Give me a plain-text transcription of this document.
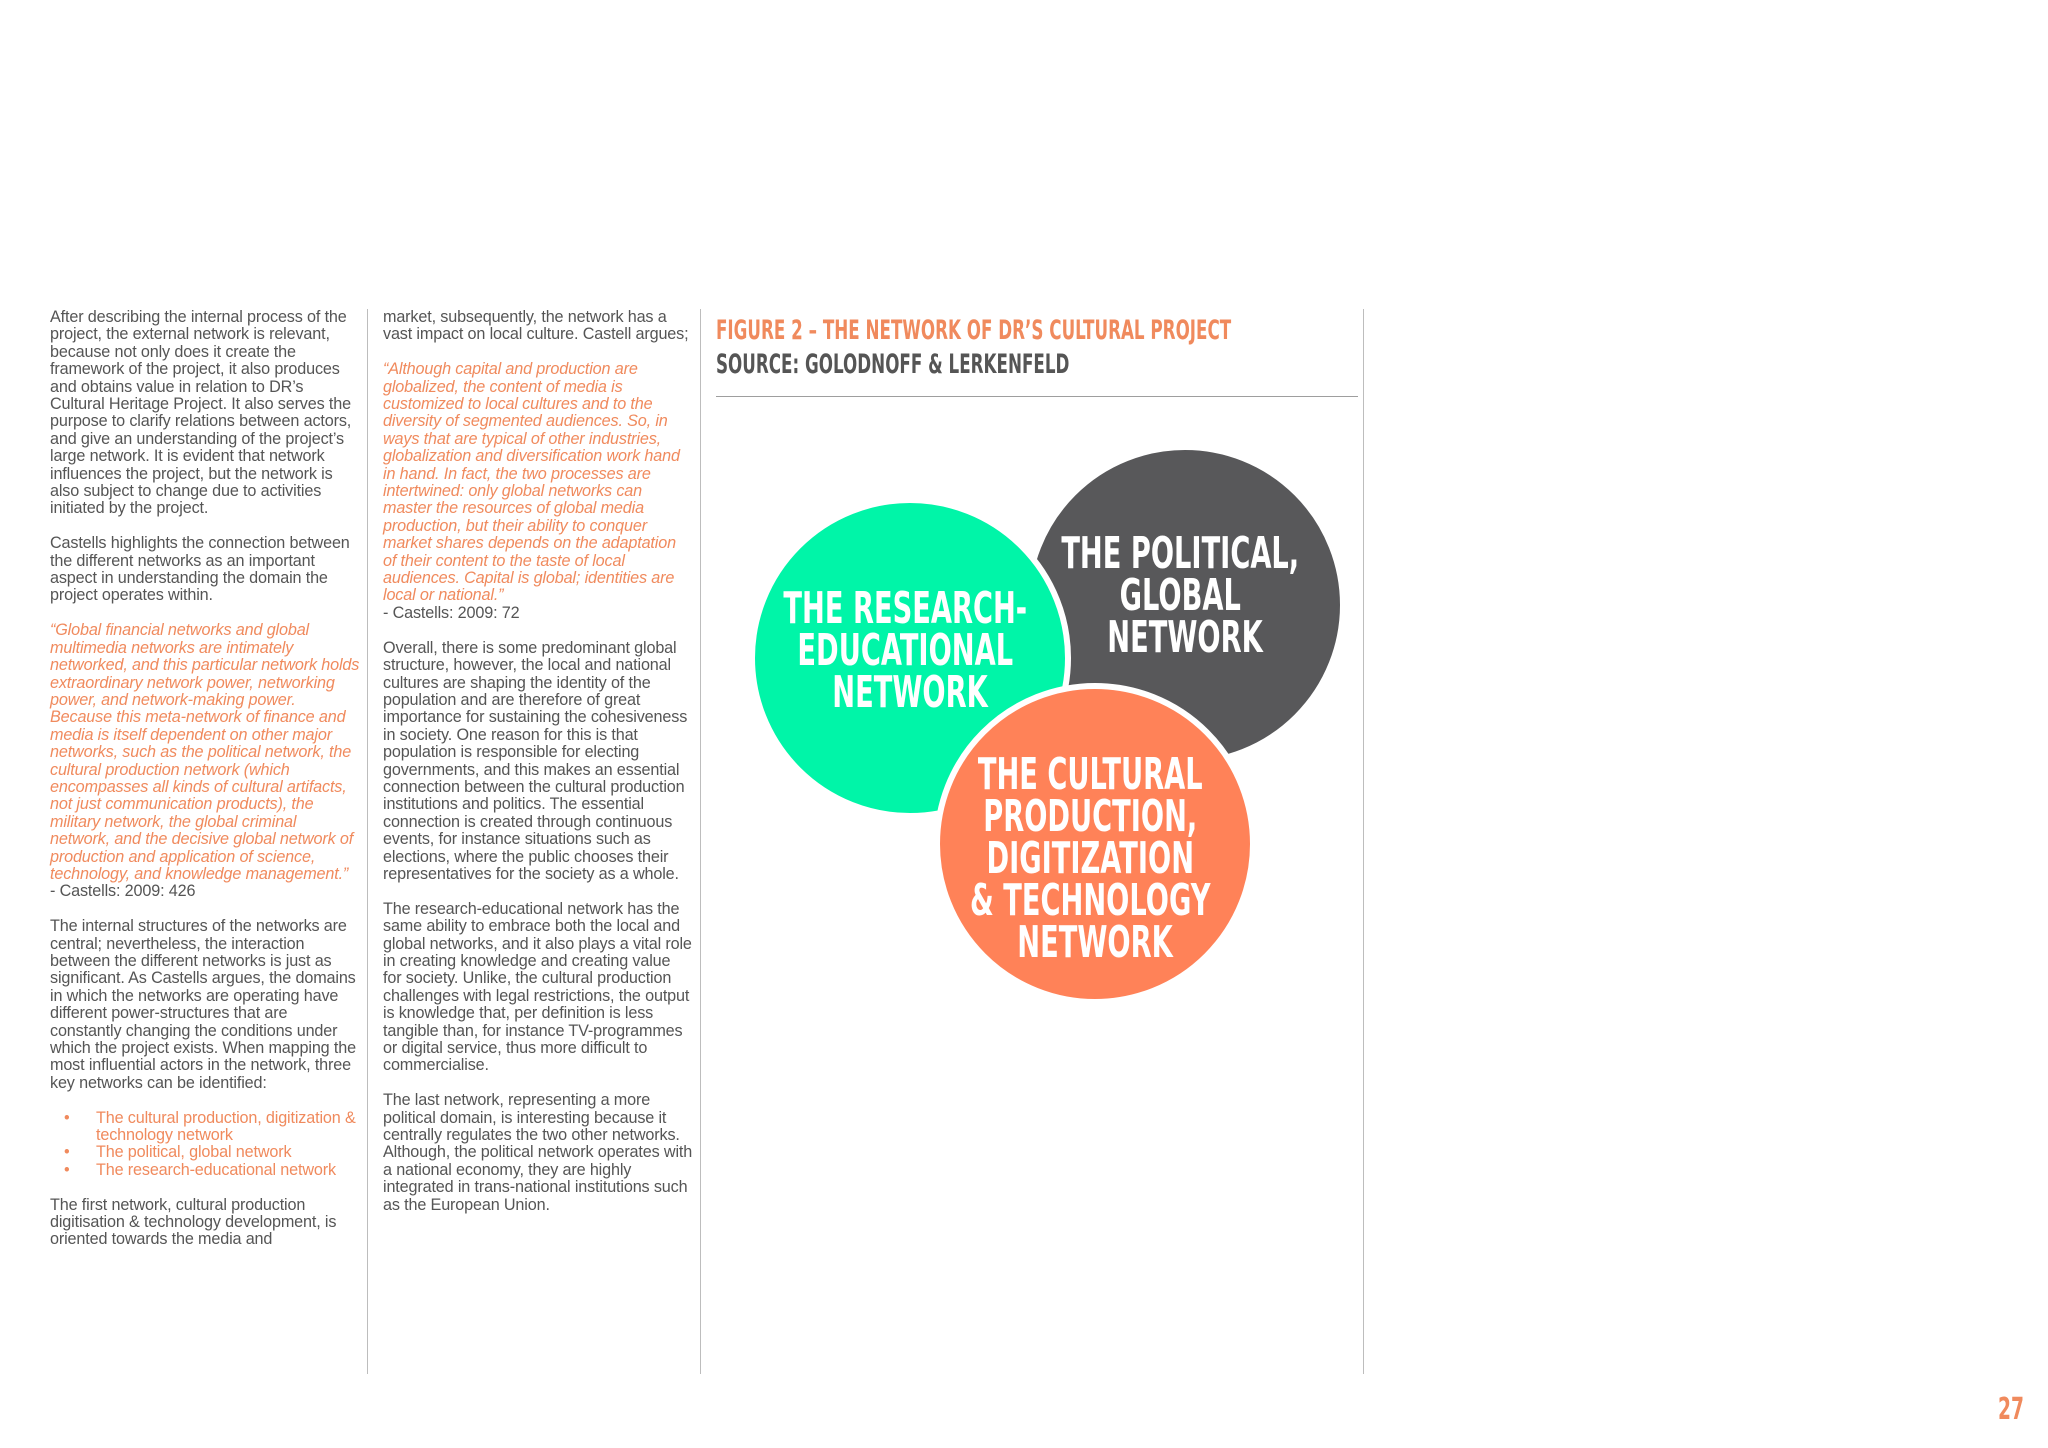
After describing the internal process of the project, the external network is relevant, because not only does it create the framework of the project, it also produces and obtains value in relation to DR’s Cultural Heritage Project. It also serves the purpose to clarify relations between actors, and give an understanding of the project’s large network. It is evident that network influences the project, but the network is also subject to change due to activities initiated by the project.

Castells highlights the connection between the different networks as an important aspect in understanding the domain the project operates within.

“Global financial networks and global multimedia networks are intimately networked, and this particular network holds extraordinary network power, networking power, and network-making power. Because this meta-network of finance and media is itself dependent on other major networks, such as the political network, the cultural production network (which encompasses all kinds of cultural artifacts, not just communication products), the military network, the global criminal network, and the decisive global network of production and application of science, technology, and knowledge management.”
- Castells: 2009: 426

The internal structures of the networks are central; nevertheless, the interaction between the different networks is just as significant. As Castells argues, the domains in which the networks are operating have different power-structures that are constantly changing the conditions under which the project exists. When mapping the most influential actors in the network, three key networks can be identified:

• The cultural production, digitization & technology network
• The political, global network
• The research-educational network

The first network, cultural production digitisation & technology development, is oriented towards the media and

market, subsequently, the network has a vast impact on local culture. Castell argues;

“Although capital and production are globalized, the content of media is customized to local cultures and to the diversity of segmented audiences. So, in ways that are typical of other industries, globalization and diversification work hand in hand. In fact, the two processes are intertwined: only global networks can master the resources of global media production, but their ability to conquer market shares depends on the adaptation of their content to the taste of local audiences. Capital is global; identities are local or national.”
- Castells: 2009: 72

Overall, there is some predominant global structure, however, the local and national cultures are shaping the identity of the population and are therefore of great importance for sustaining the cohesiveness in society. One reason for this is that population is responsible for electing governments, and this makes an essential connection between the cultural production institutions and politics. The essential connection is created through continuous events, for instance situations such as elections, where the public chooses their representatives for the society as a whole.

The research-educational network has the same ability to embrace both the local and global networks, and it also plays a vital role in creating knowledge and creating value for society. Unlike, the cultural production challenges with legal restrictions, the output is knowledge that, per definition is less tangible than, for instance TV-programmes or digital service, thus more difficult to commercialise.

The last network, representing a more political domain, is interesting because it centrally regulates the two other networks. Although, the political network operates with a national economy, they are highly integrated in trans-national institutions such as the European Union.

FIGURE 2 – THE NETWORK OF DR’S CULTURAL PROJECT
SOURCE: GOLODNOFF & LERKENFELD
THE POLITICAL, GLOBAL NETWORK
THE RESEARCH- EDUCATIONAL NETWORK
THE CULTURAL PRODUCTION, DIGITIZATION & TECHNOLOGY NETWORK
27
